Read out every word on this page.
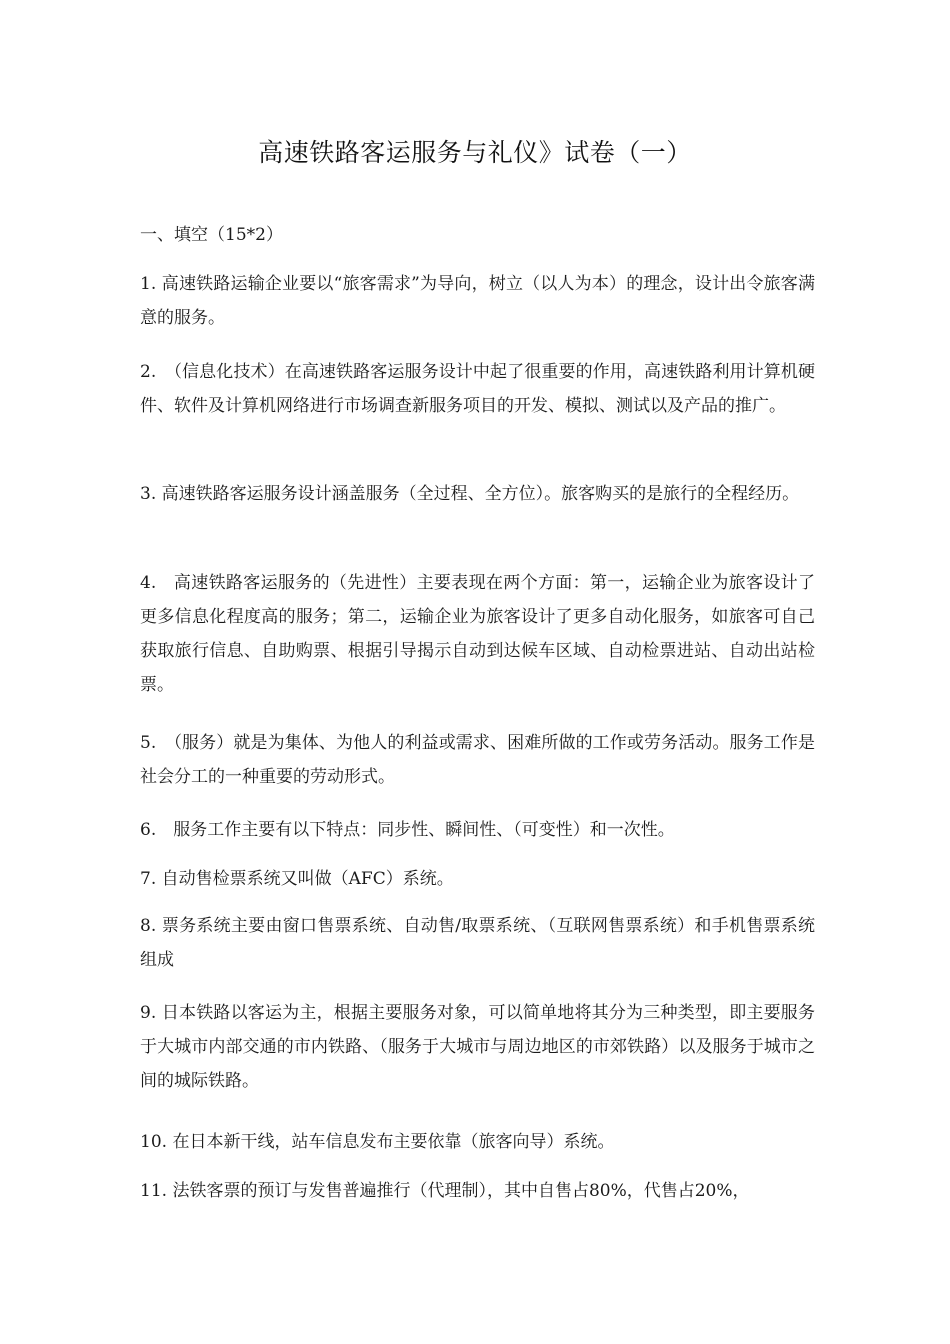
高速铁路客运服务与礼仪》试卷（一）
一、填空（15*2）
1. 高速铁路运输企业要以“旅客需求”为导向，树立（以人为本）的理念，设计出令旅客满意的服务。
2.　（信息化技术）在高速铁路客运服务设计中起了很重要的作用，高速铁路利用计算机硬件、软件及计算机网络进行市场调查新服务项目的开发、模拟、测试以及产品的推广。
3. 高速铁路客运服务设计涵盖服务（全过程、全方位）。旅客购买的是旅行的全程经历。
4.　高速铁路客运服务的（先进性）主要表现在两个方面：第一，运输企业为旅客设计了更多信息化程度高的服务；第二，运输企业为旅客设计了更多自动化服务，如旅客可自己获取旅行信息、自助购票、根据引导揭示自动到达候车区域、自动检票进站、自动出站检票。
5.　（服务）就是为集体、为他人的利益或需求、困难所做的工作或劳务活动。服务工作是社会分工的一种重要的劳动形式。
6.　服务工作主要有以下特点：同步性、瞬间性、（可变性）和一次性。
7. 自动售检票系统又叫做（AFC）系统。
8. 票务系统主要由窗口售票系统、自动售/取票系统、（互联网售票系统）和手机售票系统组成
9. 日本铁路以客运为主，根据主要服务对象，可以简单地将其分为三种类型，即主要服务于大城市内部交通的市内铁路、（服务于大城市与周边地区的市郊铁路）以及服务于城市之间的城际铁路。
10. 在日本新干线，站车信息发布主要依靠（旅客向导）系统。
11. 法铁客票的预订与发售普遍推行（代理制），其中自售占80%，代售占20%，
